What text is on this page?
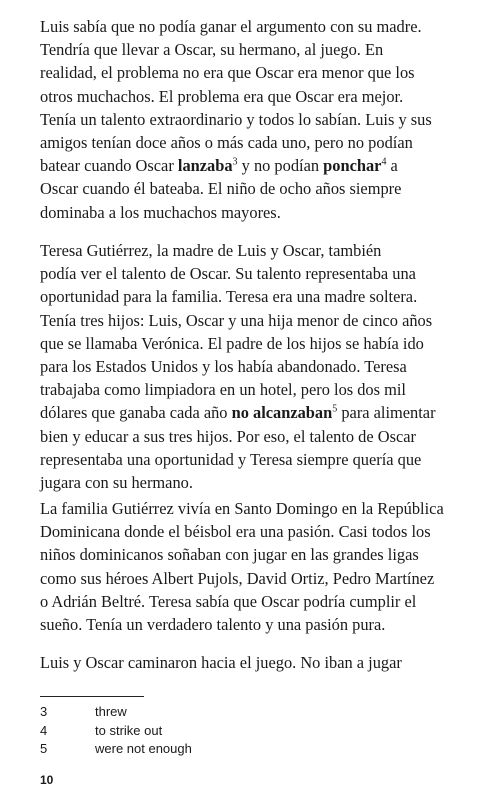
Luis sabía que no podía ganar el argumento con su madre.
Tendría que llevar a Oscar, su hermano, al juego. En
realidad, el problema no era que Oscar era menor que los
otros muchachos. El problema era que Oscar era mejor.
Tenía un talento extraordinario y todos lo sabían. Luis y sus
amigos tenían doce años o más cada uno, pero no podían
batear cuando Oscar lanzaba$^3$ y no podían ponchar$^4$ a
Oscar cuando él bateaba. El niño de ocho años siempre
dominaba a los muchachos mayores.
Teresa Gutiérrez, la madre de Luis y Oscar, también
podía ver el talento de Oscar. Su talento representaba una
oportunidad para la familia. Teresa era una madre soltera.
Tenía tres hijos: Luis, Oscar y una hija menor de cinco años
que se llamaba Verónica. El padre de los hijos se había ido
para los Estados Unidos y los había abandonado. Teresa
trabajaba como limpiadora en un hotel, pero los dos mil
dólares que ganaba cada año no alcanzaban$^5$ para alimentar
bien y educar a sus tres hijos. Por eso, el talento de Oscar
representaba una oportunidad y Teresa siempre quería que
jugara con su hermano.
La familia Gutiérrez vivía en Santo Domingo en la República
Dominicana donde el béisbol era una pasión. Casi todos los
niños dominicanos soñaban con jugar en las grandes ligas
como sus héroes Albert Pujols, David Ortiz, Pedro Martínez
o Adrián Beltré. Teresa sabía que Oscar podría cumplir el
sueño. Tenía un verdadero talento y una pasión pura.
Luis y Oscar caminaron hacia el juego. No iban a jugar
3	threw
4	to strike out
5	were not enough
10
